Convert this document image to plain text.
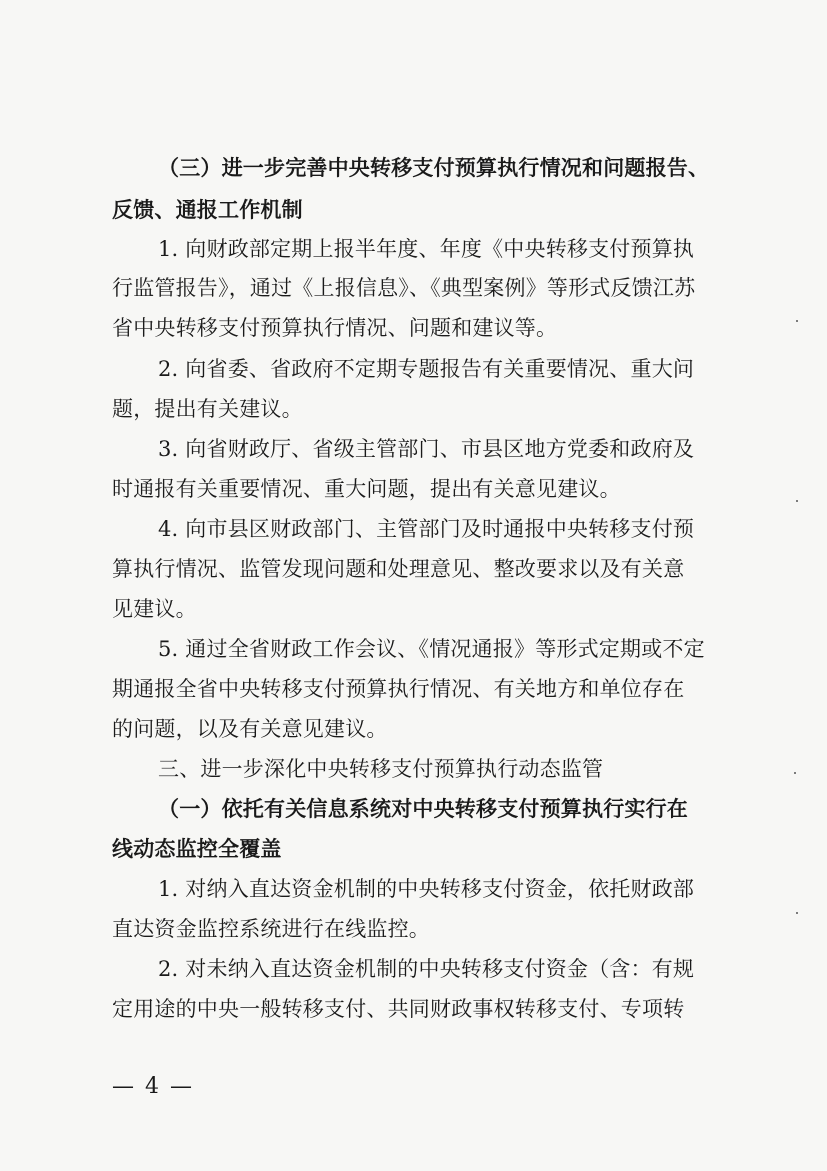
（三）进一步完善中央转移支付预算执行情况和问题报告、
反馈、通报工作机制
1. 向财政部定期上报半年度、年度《中央转移支付预算执
行监管报告》，通过《上报信息》、《典型案例》等形式反馈江苏
省中央转移支付预算执行情况、问题和建议等。
2. 向省委、省政府不定期专题报告有关重要情况、重大问
题，提出有关建议。
3. 向省财政厅、省级主管部门、市县区地方党委和政府及
时通报有关重要情况、重大问题，提出有关意见建议。
4. 向市县区财政部门、主管部门及时通报中央转移支付预
算执行情况、监管发现问题和处理意见、整改要求以及有关意
见建议。
5. 通过全省财政工作会议、《情况通报》等形式定期或不定
期通报全省中央转移支付预算执行情况、有关地方和单位存在
的问题，以及有关意见建议。
三、进一步深化中央转移支付预算执行动态监管
（一）依托有关信息系统对中央转移支付预算执行实行在
线动态监控全覆盖
1. 对纳入直达资金机制的中央转移支付资金，依托财政部
直达资金监控系统进行在线监控。
2. 对未纳入直达资金机制的中央转移支付资金（含：有规
定用途的中央一般转移支付、共同财政事权转移支付、专项转
— 4 —
